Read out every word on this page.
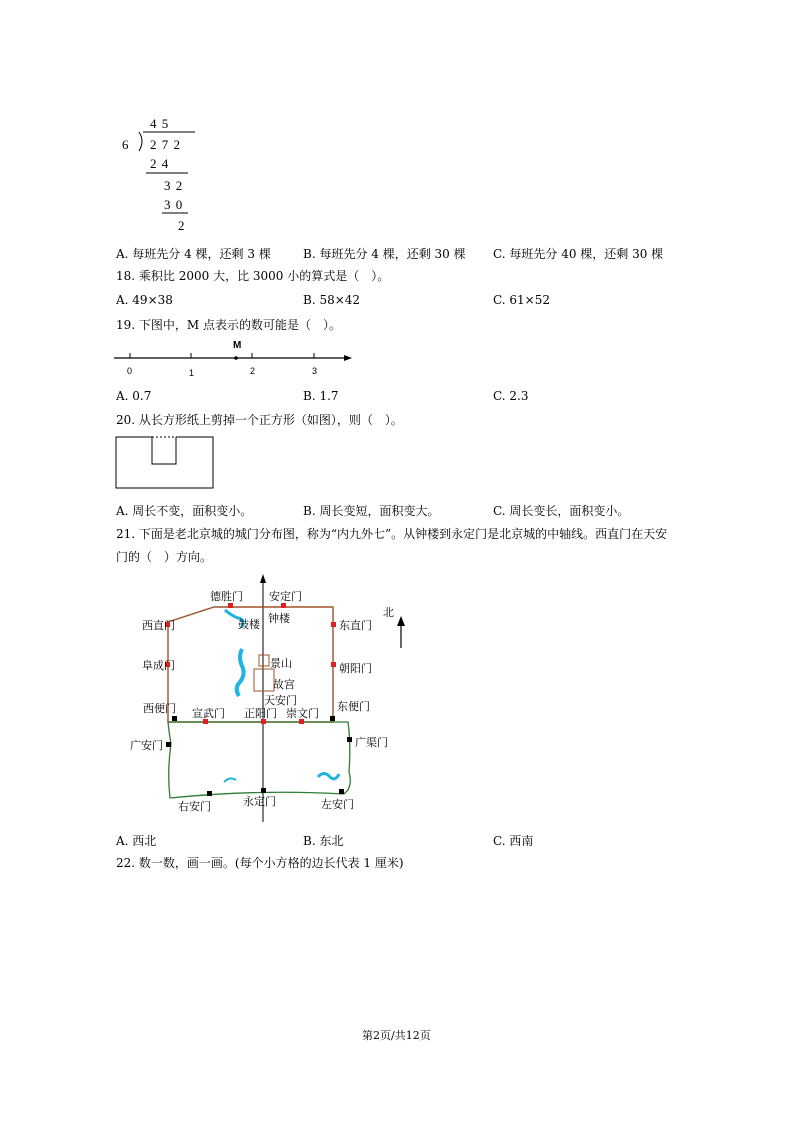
4 5
6 2 7 2
2 4
3 2
3 0
2
A. 每班先分 4 棵，还剩 3 棵	B. 每班先分 4 棵，还剩 30 棵 C. 每班先分 40 棵，还剩 30 棵
18. 乘积比 2000 大，比 3000 小的算式是（　）。
A. 49×38	B. 58×42	C. 61×52
19. 下图中，M 点表示的数可能是（　）。
M
0	1	2	3
A. 0.7	B. 1.7	C. 2.3
20. 从长方形纸上剪掉一个正方形（如图），则（　）。
A. 周长不变，面积变小。	B. 周长变短，面积变大。	C. 周长变长，面积变小。
21. 下面是老北京城的城门分布图，称为“内九外七”。从钟楼到永定门是北京城的中轴线。西直门在天安
门的（　）方向。
北
德胜门 安定门
鼓楼 钟楼
西直门	东直门
阜成门	朝阳门
景山
故宫
天安门
西便门	东便门
宣武门 正阳门 崇文门
广安门	广渠门
右安门	永定门	左安门
A. 西北	B. 东北	C. 西南
22. 数一数，画一画。(每个小方格的边长代表 1 厘米)
第2页/共12页
